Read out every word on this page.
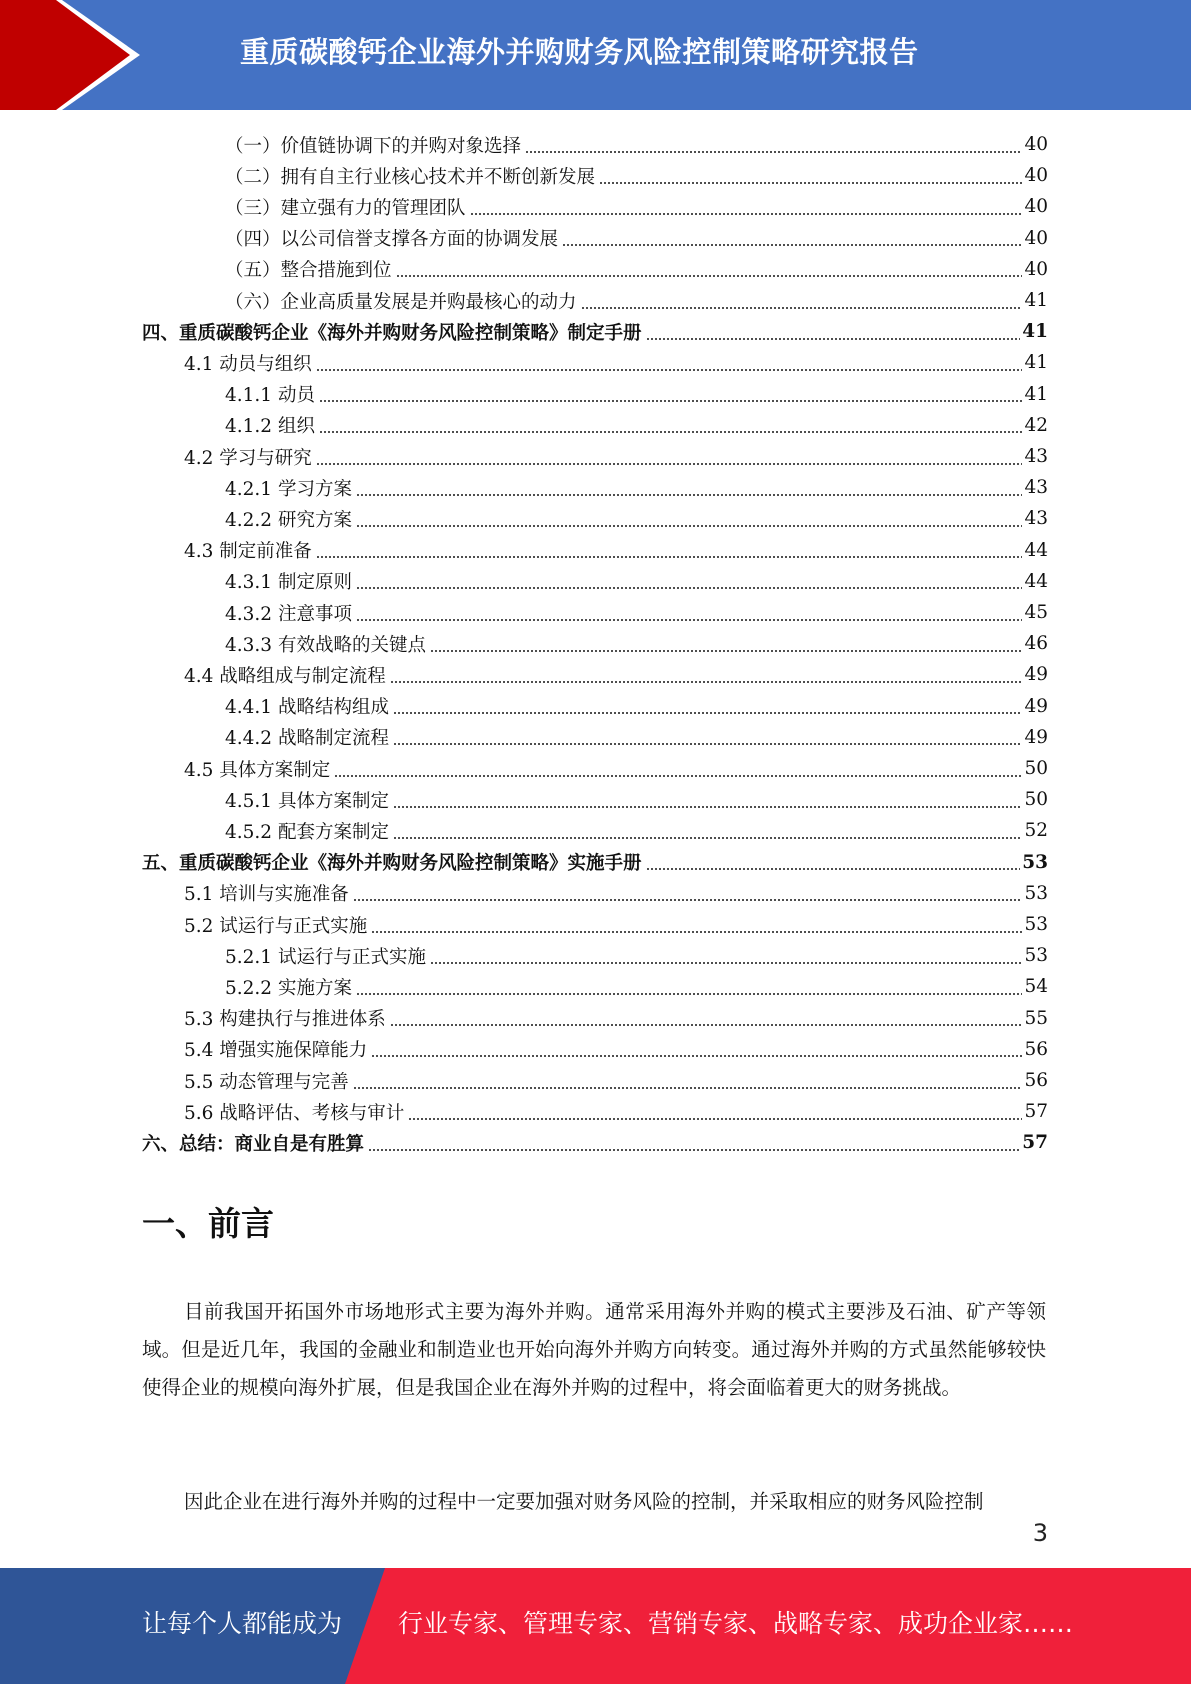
重质碳酸钙企业海外并购财务风险控制策略研究报告
（一）价值链协调下的并购对象选择	40
（二）拥有自主行业核心技术并不断创新发展	40
（三）建立强有力的管理团队	40
（四）以公司信誉支撑各方面的协调发展	40
（五）整合措施到位	40
（六）企业高质量发展是并购最核心的动力	41
四、重质碳酸钙企业《海外并购财务风险控制策略》制定手册	41
4.1 动员与组织	41
4.1.1 动员	41
4.1.2 组织	42
4.2 学习与研究	43
4.2.1 学习方案	43
4.2.2 研究方案	43
4.3 制定前准备	44
4.3.1 制定原则	44
4.3.2 注意事项	45
4.3.3 有效战略的关键点	46
4.4 战略组成与制定流程	49
4.4.1 战略结构组成	49
4.4.2 战略制定流程	49
4.5 具体方案制定	50
4.5.1 具体方案制定	50
4.5.2 配套方案制定	52
五、重质碳酸钙企业《海外并购财务风险控制策略》实施手册	53
5.1 培训与实施准备	53
5.2 试运行与正式实施	53
5.2.1 试运行与正式实施	53
5.2.2 实施方案	54
5.3 构建执行与推进体系	55
5.4 增强实施保障能力	56
5.5 动态管理与完善	56
5.6 战略评估、考核与审计	57
六、总结：商业自是有胜算	57
一、前言

目前我国开拓国外市场地形式主要为海外并购。通常采用海外并购的模式主要涉及石油、矿产等领域。但是近几年，我国的金融业和制造业也开始向海外并购方向转变。通过海外并购的方式虽然能够较快使得企业的规模向海外扩展，但是我国企业在海外并购的过程中，将会面临着更大的财务挑战。

因此企业在进行海外并购的过程中一定要加强对财务风险的控制，并采取相应的财务风险控制

3
让每个人都能成为 行业专家、管理专家、营销专家、战略专家、成功企业家……
